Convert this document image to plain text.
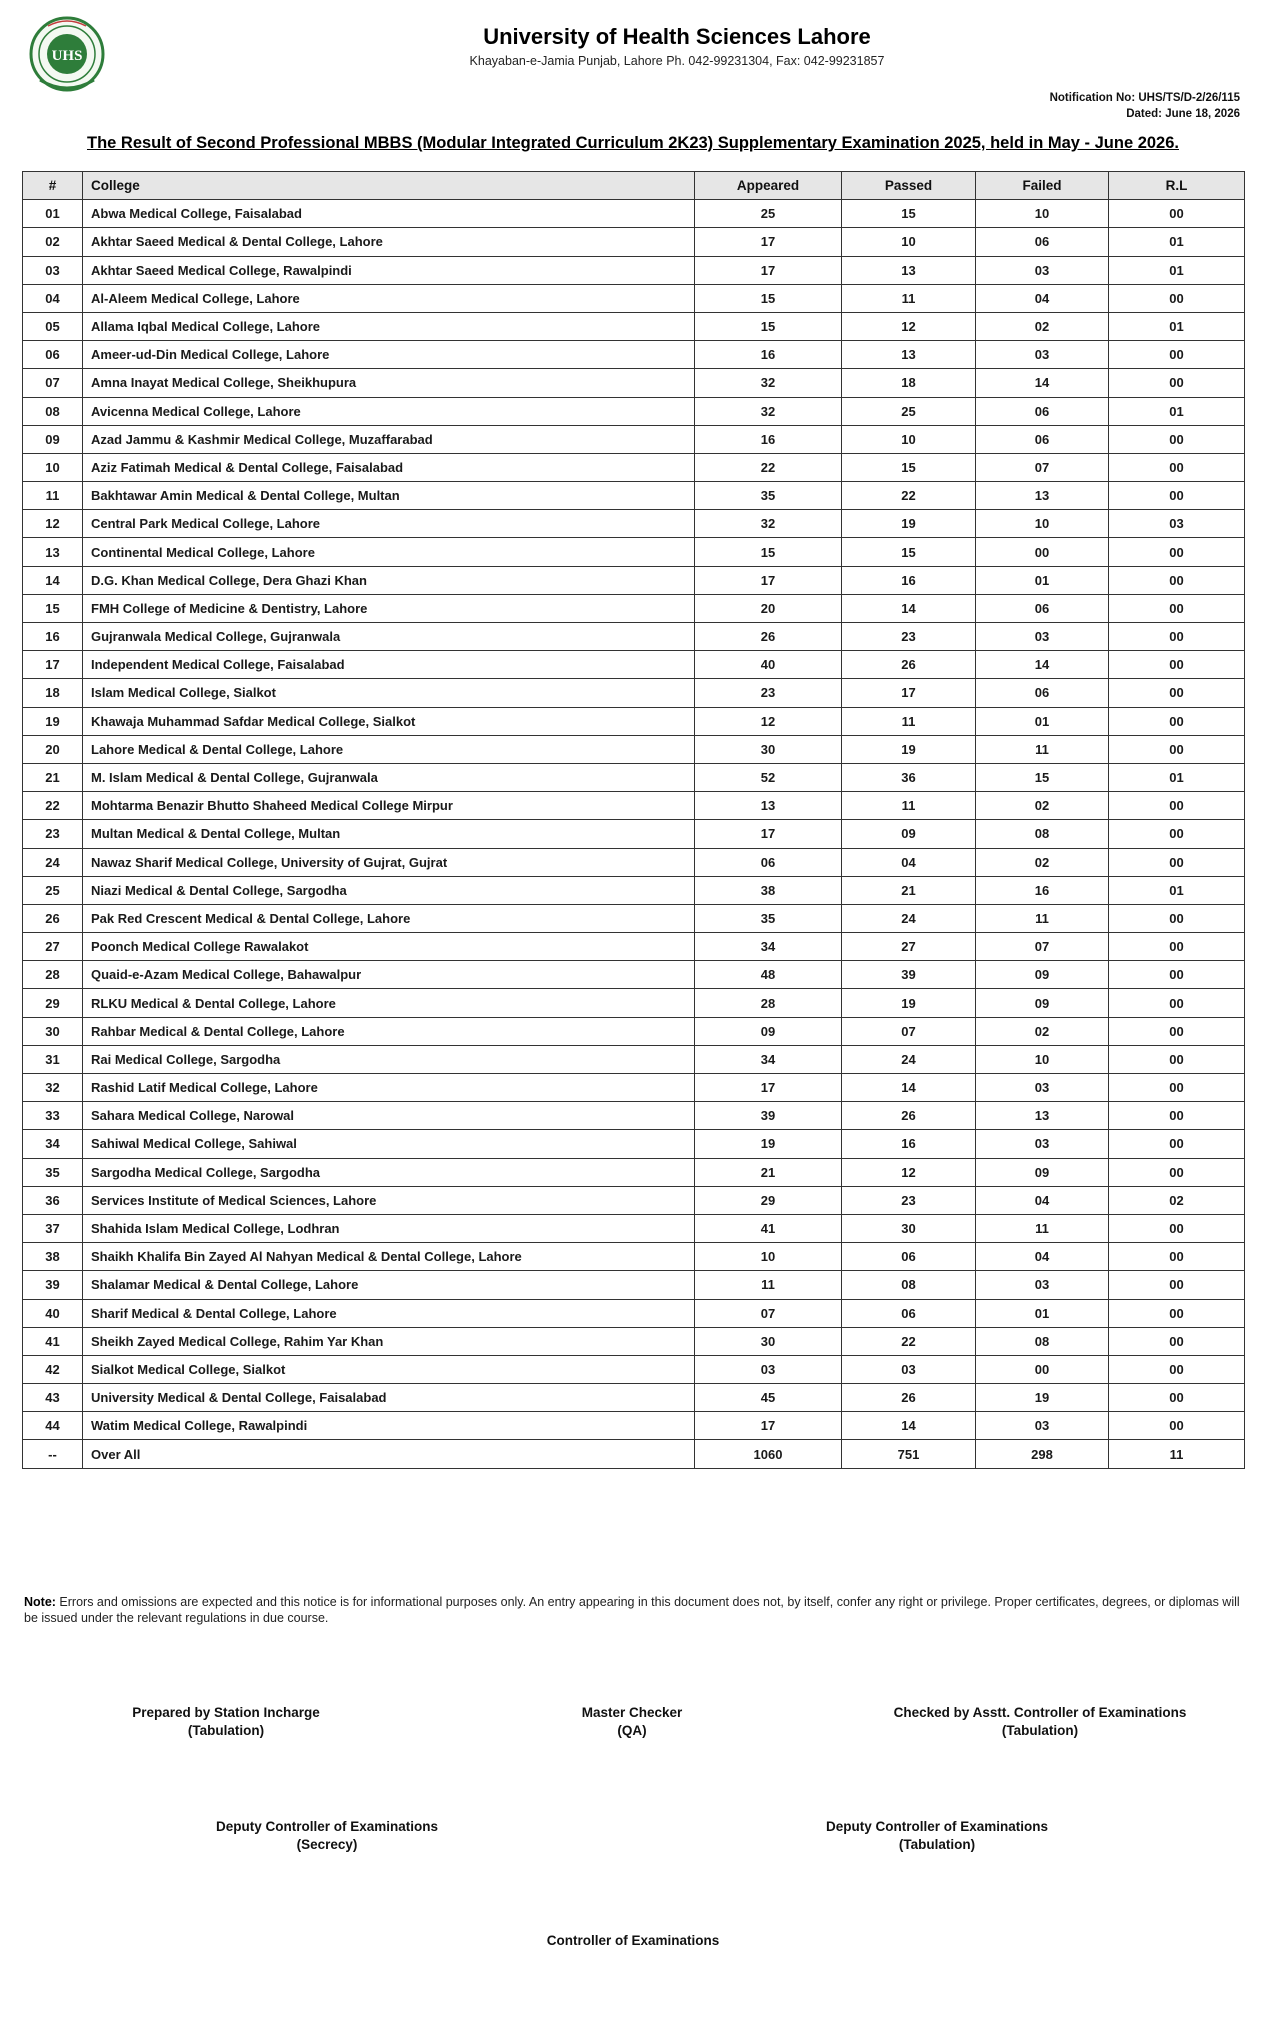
UHS
University of Health Sciences Lahore
Khayaban-e-Jamia Punjab, Lahore Ph. 042-99231304, Fax: 042-99231857
Notification No: UHS/TS/D-2/26/115
Dated: June 18, 2026
The Result of Second Professional MBBS (Modular Integrated Curriculum 2K23) Supplementary Examination 2025, held in May - June 2026.
#	College	Appeared	Passed	Failed	R.L
01	Abwa Medical College, Faisalabad	25	15	10	00
02	Akhtar Saeed Medical & Dental College, Lahore	17	10	06	01
03	Akhtar Saeed Medical College, Rawalpindi	17	13	03	01
04	Al-Aleem Medical College, Lahore	15	11	04	00
05	Allama Iqbal Medical College, Lahore	15	12	02	01
06	Ameer-ud-Din Medical College, Lahore	16	13	03	00
07	Amna Inayat Medical College, Sheikhupura	32	18	14	00
08	Avicenna Medical College, Lahore	32	25	06	01
09	Azad Jammu & Kashmir Medical College, Muzaffarabad	16	10	06	00
10	Aziz Fatimah Medical & Dental College, Faisalabad	22	15	07	00
11	Bakhtawar Amin Medical & Dental College, Multan	35	22	13	00
12	Central Park Medical College, Lahore	32	19	10	03
13	Continental Medical College, Lahore	15	15	00	00
14	D.G. Khan Medical College, Dera Ghazi Khan	17	16	01	00
15	FMH College of Medicine & Dentistry, Lahore	20	14	06	00
16	Gujranwala Medical College, Gujranwala	26	23	03	00
17	Independent Medical College, Faisalabad	40	26	14	00
18	Islam Medical College, Sialkot	23	17	06	00
19	Khawaja Muhammad Safdar Medical College, Sialkot	12	11	01	00
20	Lahore Medical & Dental College, Lahore	30	19	11	00
21	M. Islam Medical & Dental College, Gujranwala	52	36	15	01
22	Mohtarma Benazir Bhutto Shaheed Medical College Mirpur	13	11	02	00
23	Multan Medical & Dental College, Multan	17	09	08	00
24	Nawaz Sharif Medical College, University of Gujrat, Gujrat	06	04	02	00
25	Niazi Medical & Dental College, Sargodha	38	21	16	01
26	Pak Red Crescent Medical & Dental College, Lahore	35	24	11	00
27	Poonch Medical College Rawalakot	34	27	07	00
28	Quaid-e-Azam Medical College, Bahawalpur	48	39	09	00
29	RLKU Medical & Dental College, Lahore	28	19	09	00
30	Rahbar Medical & Dental College, Lahore	09	07	02	00
31	Rai Medical College, Sargodha	34	24	10	00
32	Rashid Latif Medical College, Lahore	17	14	03	00
33	Sahara Medical College, Narowal	39	26	13	00
34	Sahiwal Medical College, Sahiwal	19	16	03	00
35	Sargodha Medical College, Sargodha	21	12	09	00
36	Services Institute of Medical Sciences, Lahore	29	23	04	02
37	Shahida Islam Medical College, Lodhran	41	30	11	00
38	Shaikh Khalifa Bin Zayed Al Nahyan Medical & Dental College, Lahore	10	06	04	00
39	Shalamar Medical & Dental College, Lahore	11	08	03	00
40	Sharif Medical & Dental College, Lahore	07	06	01	00
41	Sheikh Zayed Medical College, Rahim Yar Khan	30	22	08	00
42	Sialkot Medical College, Sialkot	03	03	00	00
43	University Medical & Dental College, Faisalabad	45	26	19	00
44	Watim Medical College, Rawalpindi	17	14	03	00
--	Over All	1060	751	298	11
Note: Errors and omissions are expected and this notice is for informational purposes only. An entry appearing in this document does not, by itself, confer any right or privilege. Proper certificates, degrees, or diplomas will be issued under the relevant regulations in due course.
Prepared by Station Incharge
(Tabulation)
Master Checker
(QA)
Checked by Asstt. Controller of Examinations
(Tabulation)
Deputy Controller of Examinations
(Secrecy)
Deputy Controller of Examinations
(Tabulation)
Controller of Examinations
